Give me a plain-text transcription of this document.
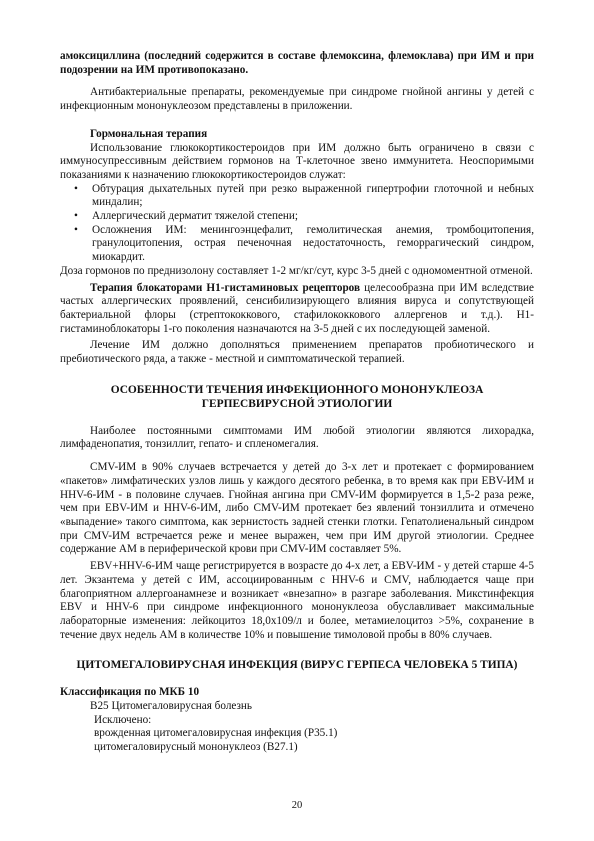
амоксициллина (последний содержится в составе флемоксина, флемоклава) при ИМ и при подозрении на ИМ противопоказано.

Антибактериальные препараты, рекомендуемые при синдроме гнойной ангины у детей с инфекционным мононуклеозом представлены в приложении.

Гормональная терапия

Использование глюкокортикостероидов при ИМ должно быть ограничено в связи с иммуносупрессивным действием гормонов на Т-клеточное звено иммунитета. Неоспоримыми показаниями к назначению глюкокортикостероидов служат:

• Обтурация дыхательных путей при резко выраженной гипертрофии глоточной и небных миндалин;
• Аллергический дерматит тяжелой степени;
• Осложнения ИМ: менингоэнцефалит, гемолитическая анемия, тромбоцитопения, гранулоцитопения, острая печеночная недостаточность, геморрагический синдром, миокардит.

Доза гормонов по преднизолону составляет 1-2 мг/кг/сут, курс 3-5 дней с одномоментной отменой.

Терапия блокаторами Н1-гистаминовых рецепторов целесообразна при ИМ вследствие частых аллергических проявлений, сенсибилизирующего влияния вируса и сопутствующей бактериальной флоры (стрептококкового, стафилококкового аллергенов и т.д.). Н1-гистаминоблокаторы 1-го поколения назначаются на 3-5 дней с их последующей заменой.

Лечение ИМ должно дополняться применением препаратов пробиотического и пребиотического ряда, а также - местной и симптоматической терапией.

ОСОБЕННОСТИ ТЕЧЕНИЯ ИНФЕКЦИОННОГО МОНОНУКЛЕОЗА
ГЕРПЕСВИРУСНОЙ ЭТИОЛОГИИ

Наиболее постоянными симптомами ИМ любой этиологии являются лихорадка, лимфаденопатия, тонзиллит, гепато- и спленомегалия.

CMV-ИМ в 90% случаев встречается у детей до 3-х лет и протекает с формированием «пакетов» лимфатических узлов лишь у каждого десятого ребенка, в то время как при EBV-ИМ и HHV-6-ИМ - в половине случаев. Гнойная ангина при CMV-ИМ формируется в 1,5-2 раза реже, чем при EBV-ИМ и HHV-6-ИМ, либо CMV-ИМ протекает без явлений тонзиллита и отмечено «выпадение» такого симптома, как зернистость задней стенки глотки. Гепатолиенальный синдром при CMV-ИМ встречается реже и менее выражен, чем при ИМ другой этиологии. Среднее содержание АМ в периферической крови при CMV-ИМ составляет 5%.

EBV+HHV-6-ИМ чаще регистрируется в возрасте до 4-х лет, а EBV-ИМ - у детей старше 4-5 лет. Экзантема у детей с ИМ, ассоциированным с HHV-6 и CMV, наблюдается чаще при благоприятном аллергоанамнезе и возникает «внезапно» в разгаре заболевания. Микстинфекция EBV и HHV-6 при синдроме инфекционного мононуклеоза обуславливает максимальные лабораторные изменения: лейкоцитоз 18,0х109/л и более, метамиелоцитоз >5%, сохранение в течение двух недель АМ в количестве 10% и повышение тимоловой пробы в 80% случаев.

ЦИТОМЕГАЛОВИРУСНАЯ ИНФЕКЦИЯ (ВИРУС ГЕРПЕСА ЧЕЛОВЕКА 5 ТИПА)

Классификация по МКБ 10

B25 Цитомегаловирусная болезнь

Исключено:

врожденная цитомегаловирусная инфекция (P35.1)

цитомегаловирусный мононуклеоз (B27.1)

20
